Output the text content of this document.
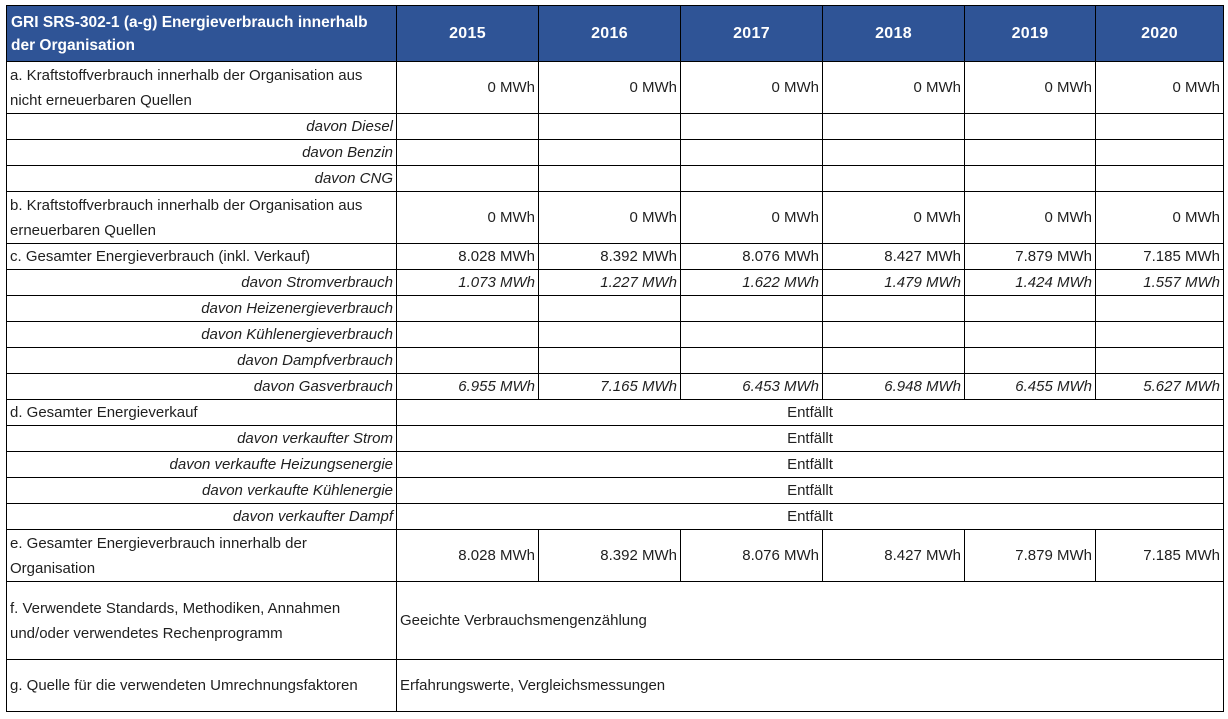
GRI SRS-302-1 (a-g) Energieverbrauch innerhalb der Organisation	2015	2016	2017	2018	2019	2020
a. Kraftstoffverbrauch innerhalb der Organisation aus nicht erneuerbaren Quellen	0 MWh	0 MWh	0 MWh	0 MWh	0 MWh	0 MWh
davon Diesel						
davon Benzin						
davon CNG						
b. Kraftstoffverbrauch innerhalb der Organisation aus erneuerbaren Quellen	0 MWh	0 MWh	0 MWh	0 MWh	0 MWh	0 MWh
c. Gesamter Energieverbrauch (inkl. Verkauf)	8.028 MWh	8.392 MWh	8.076 MWh	8.427 MWh	7.879 MWh	7.185 MWh
davon Stromverbrauch	1.073 MWh	1.227 MWh	1.622 MWh	1.479 MWh	1.424 MWh	1.557 MWh
davon Heizenergieverbrauch						
davon Kühlenergieverbrauch						
davon Dampfverbrauch						
davon Gasverbrauch	6.955 MWh	7.165 MWh	6.453 MWh	6.948 MWh	6.455 MWh	5.627 MWh
d. Gesamter Energieverkauf	Entfällt					
davon verkaufter Strom	Entfällt					
davon verkaufte Heizungsenergie	Entfällt					
davon verkaufte Kühlenergie	Entfällt					
davon verkaufter Dampf	Entfällt					
e. Gesamter Energieverbrauch innerhalb der Organisation	8.028 MWh	8.392 MWh	8.076 MWh	8.427 MWh	7.879 MWh	7.185 MWh
f. Verwendete Standards, Methodiken, Annahmen und/oder verwendetes Rechenprogramm	Geeichte Verbrauchsmengenzählung					
g. Quelle für die verwendeten Umrechnungsfaktoren	Erfahrungswerte, Vergleichsmessungen					
